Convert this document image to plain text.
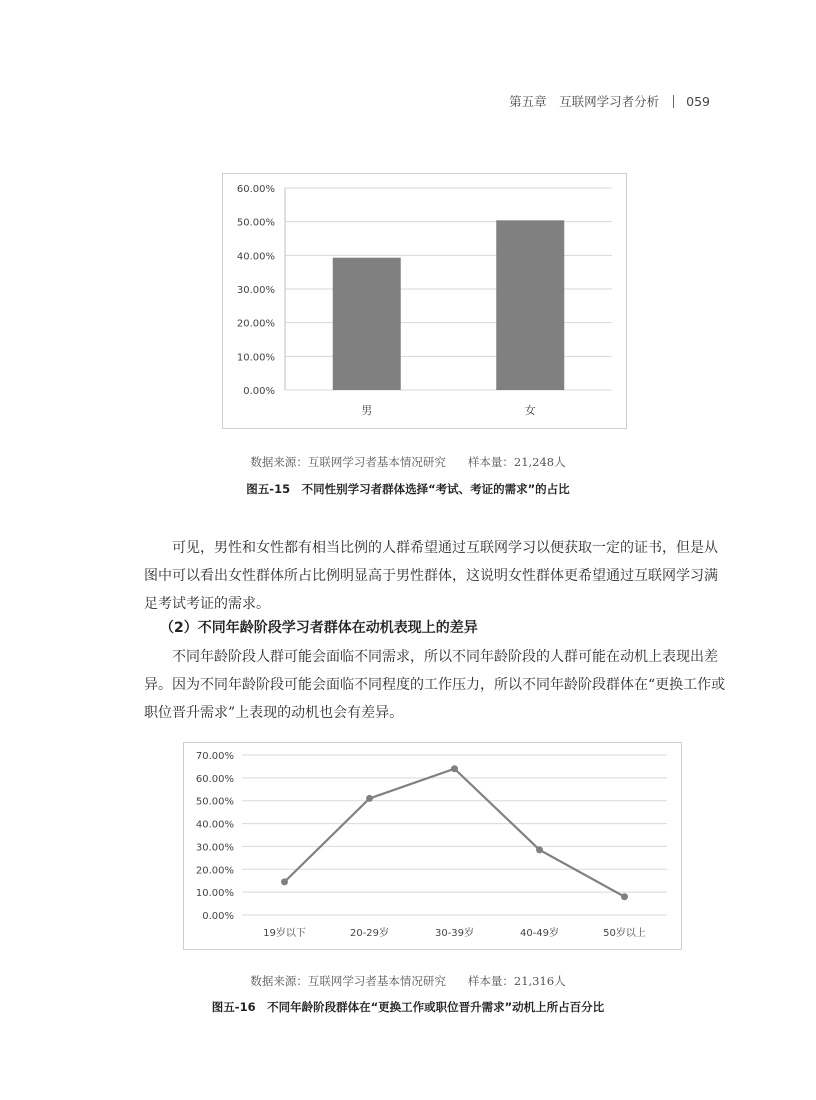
第五章　互联网学习者分析 059
0.00%
10.00%
20.00%
30.00%
40.00%
50.00%
60.00%
男	女
数据来源：互联网学习者基本情况研究 样本量：21,248人
图五-15　不同性别学习者群体选择“考试、考证的需求”的占比

可见，男性和女性都有相当比例的人群希望通过互联网学习以便获取一定的证书，但是从图中可以看出女性群体所占比例明显高于男性群体，这说明女性群体更希望通过互联网学习满足考试考证的需求。

（2）不同年龄阶段学习者群体在动机表现上的差异

不同年龄阶段人群可能会面临不同需求，所以不同年龄阶段的人群可能在动机上表现出差异。 因为不同年龄阶段可能会面临不同程度的工作压力，所以不同年龄阶段群体在“更换工作或职位晋升需求”上表现的动机也会有差异。

0.00%
10.00%
20.00%
30.00%
40.00%
50.00%
60.00%
70.00%
19岁以下	20-29岁	30-39岁	40-49岁	50岁以上
数据来源：互联网学习者基本情况研究 样本量：21,316人
图五-16　不同年龄阶段群体在“更换工作或职位晋升需求”动机上所占百分比
